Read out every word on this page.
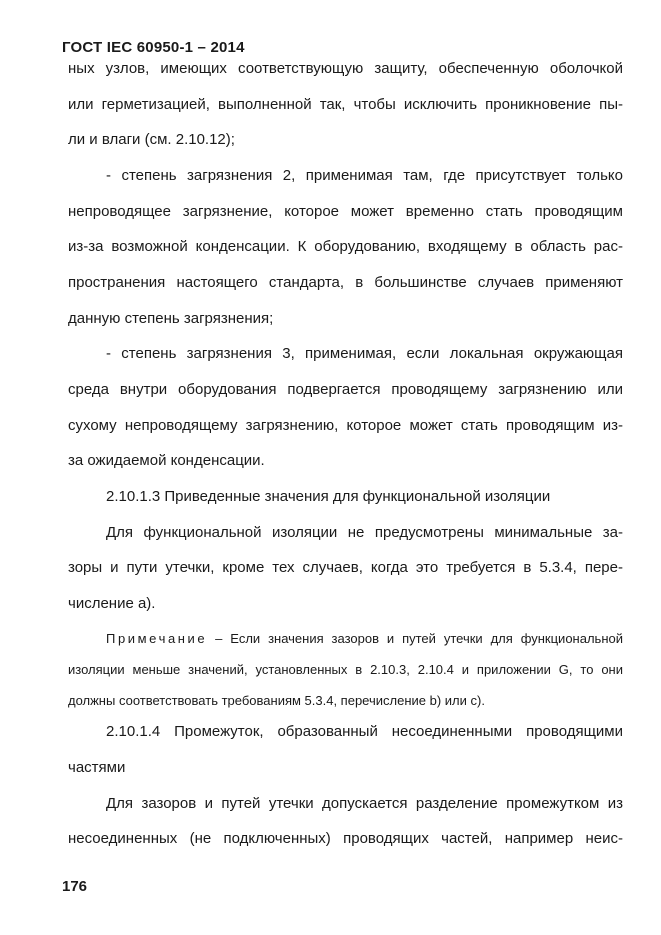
ГОСТ IEC 60950-1 – 2014
ных узлов, имеющих соответствующую защиту, обеспеченную оболочкой
или герметизацией, выполненной так, чтобы исключить проникновение пы-
ли и влаги (см. 2.10.12);
- степень загрязнения 2, применимая там, где присутствует только
непроводящее загрязнение, которое может временно стать проводящим
из-за возможной конденсации. К оборудованию, входящему в область рас-
пространения настоящего стандарта, в большинстве случаев применяют
данную степень загрязнения;
- степень загрязнения 3, применимая, если локальная окружающая
среда внутри оборудования подвергается проводящему загрязнению или
сухому непроводящему загрязнению, которое может стать проводящим из-
за ожидаемой конденсации.
2.10.1.3 Приведенные значения для функциональной изоляции
Для функциональной изоляции не предусмотрены минимальные за-
зоры и пути утечки, кроме тех случаев, когда это требуется в 5.3.4, пере-
числение а).
Примечание – Если значения зазоров и путей утечки для функциональной
изоляции меньше значений, установленных в 2.10.3, 2.10.4 и приложении G, то они
должны соответствовать требованиям 5.3.4, перечисление b) или с).
2.10.1.4 Промежуток, образованный несоединенными проводящими
частями
Для зазоров и путей утечки допускается разделение промежутком из
несоединенных (не подключенных) проводящих частей, например неис-
176
